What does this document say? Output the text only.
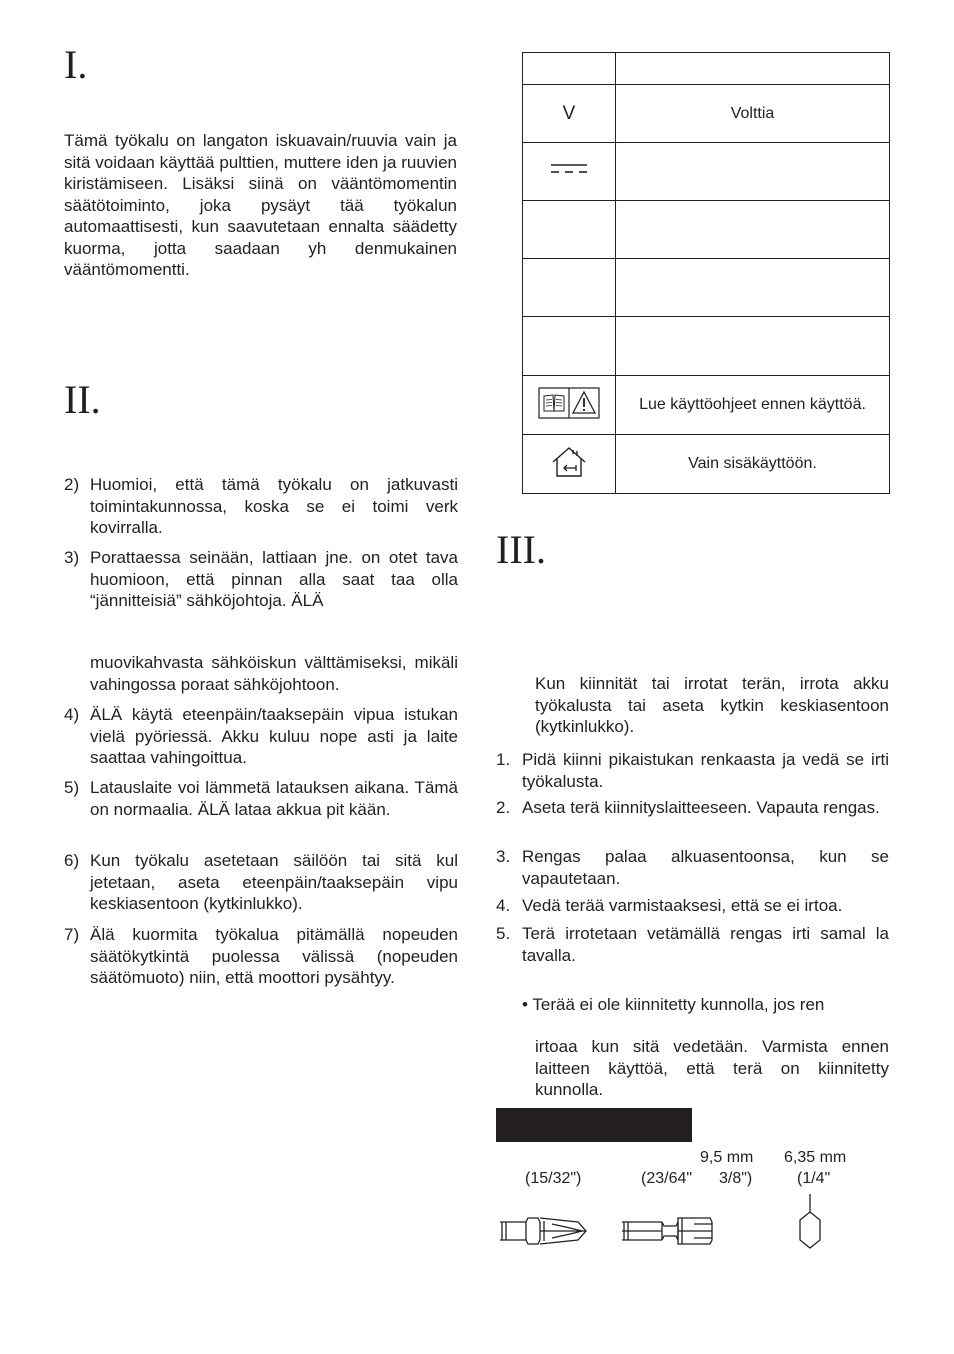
I.

Tämä työkalu on langaton iskuavain/ruuvia vain ja sitä voidaan käyttää pulttien, muttere iden ja ruuvien kiristämiseen. Lisäksi siinä on vääntömomentin säätötoiminto, joka pysäyt tää työkalun automaattisesti, kun saavutetaan ennalta säädetty kuorma, jotta saadaan yh denmukainen vääntömomentti.

II.
2) Huomioi, että tämä työkalu on jatkuvasti toimintakunnossa, koska se ei toimi verk kovirralla.
3) Porattaessa seinään, lattiaan jne. on otet tava huomioon, että pinnan alla saat taa olla “jännitteisiä” sähköjohtoja. ÄLÄ
muovikahvasta sähköiskun välttämiseksi, mikäli vahingossa poraat sähköjohtoon.
4) ÄLÄ käytä eteenpäin/taaksepäin vipua istukan vielä pyöriessä. Akku kuluu nope asti ja laite saattaa vahingoittua.
5) Latauslaite voi lämmetä latauksen aikana. Tämä on normaalia. ÄLÄ lataa akkua pit kään.
6) Kun työkalu asetetaan säilöön tai sitä kul jetetaan, aseta eteenpäin/taaksepäin vipu keskiasentoon (kytkinlukko).
7) Älä kuormita työkalua pitämällä nopeuden säätökytkintä puolessa välissä (nopeuden säätömuoto) niin, että moottori pysähtyy.

V	Volttia

	Lue käyttöohjeet ennen käyttöä.
	Vain sisäkäyttöön.
III.

Kun kiinnität tai irrotat terän, irrota akku työkalusta tai aseta kytkin keskiasentoon (kytkinlukko).

1. Pidä kiinni pikaistukan renkaasta ja vedä se irti työkalusta.
2. Aseta terä kiinnityslaitteeseen. Vapauta rengas.
3. Rengas palaa alkuasentoonsa, kun se vapautetaan.
4. Vedä terää varmistaaksesi, että se ei irtoa.
5. Terä irrotetaan vetämällä rengas irti samal la tavalla.
• Terää ei ole kiinnitetty kunnolla, jos ren

irtoaa kun sitä vedetään. Varmista ennen laitteen käyttöä, että terä on kiinnitetty kunnolla.

(15/32")	(23/64"
9,5 mm
3/8")
6,35 mm
(1/4"
